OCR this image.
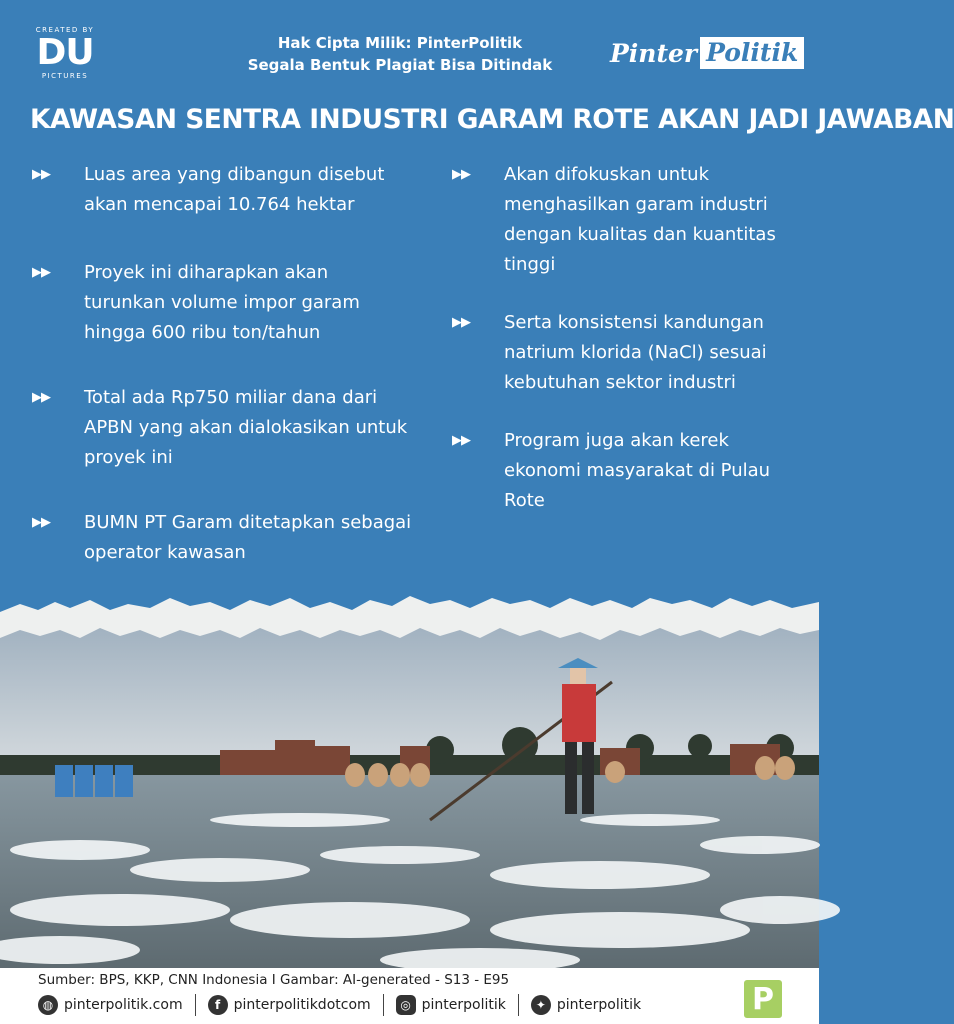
CREATED BY
DU
PICTURES
Hak Cipta Milik: PinterPolitik
Segala Bentuk Plagiat Bisa Ditindak	Pinter Politik
KAWASAN SENTRA INDUSTRI GARAM ROTE AKAN JADI JAWABAN
▶▶	Luas area yang dibangun disebut akan mencapai 10.764 hektar
▶▶	Proyek ini diharapkan akan turunkan volume impor garam hingga 600 ribu ton/tahun
▶▶	Total ada Rp750 miliar dana dari APBN yang akan dialokasikan untuk proyek ini
▶▶	BUMN PT Garam ditetapkan sebagai operator kawasan
▶▶	Akan difokuskan untuk menghasilkan garam industri dengan kualitas dan kuantitas tinggi
▶▶	Serta konsistensi kandungan natrium klorida (NaCl) sesuai kebutuhan sektor industri
▶▶	Program juga akan kerek ekonomi masyarakat di Pulau Rote
Sumber: BPS, KKP, CNN Indonesia I Gambar: AI-generated - S13 - E95
◍ pinterpolitik.com	f pinterpolitikdotcom	◎ pinterpolitik	✦ pinterpolitik	P
